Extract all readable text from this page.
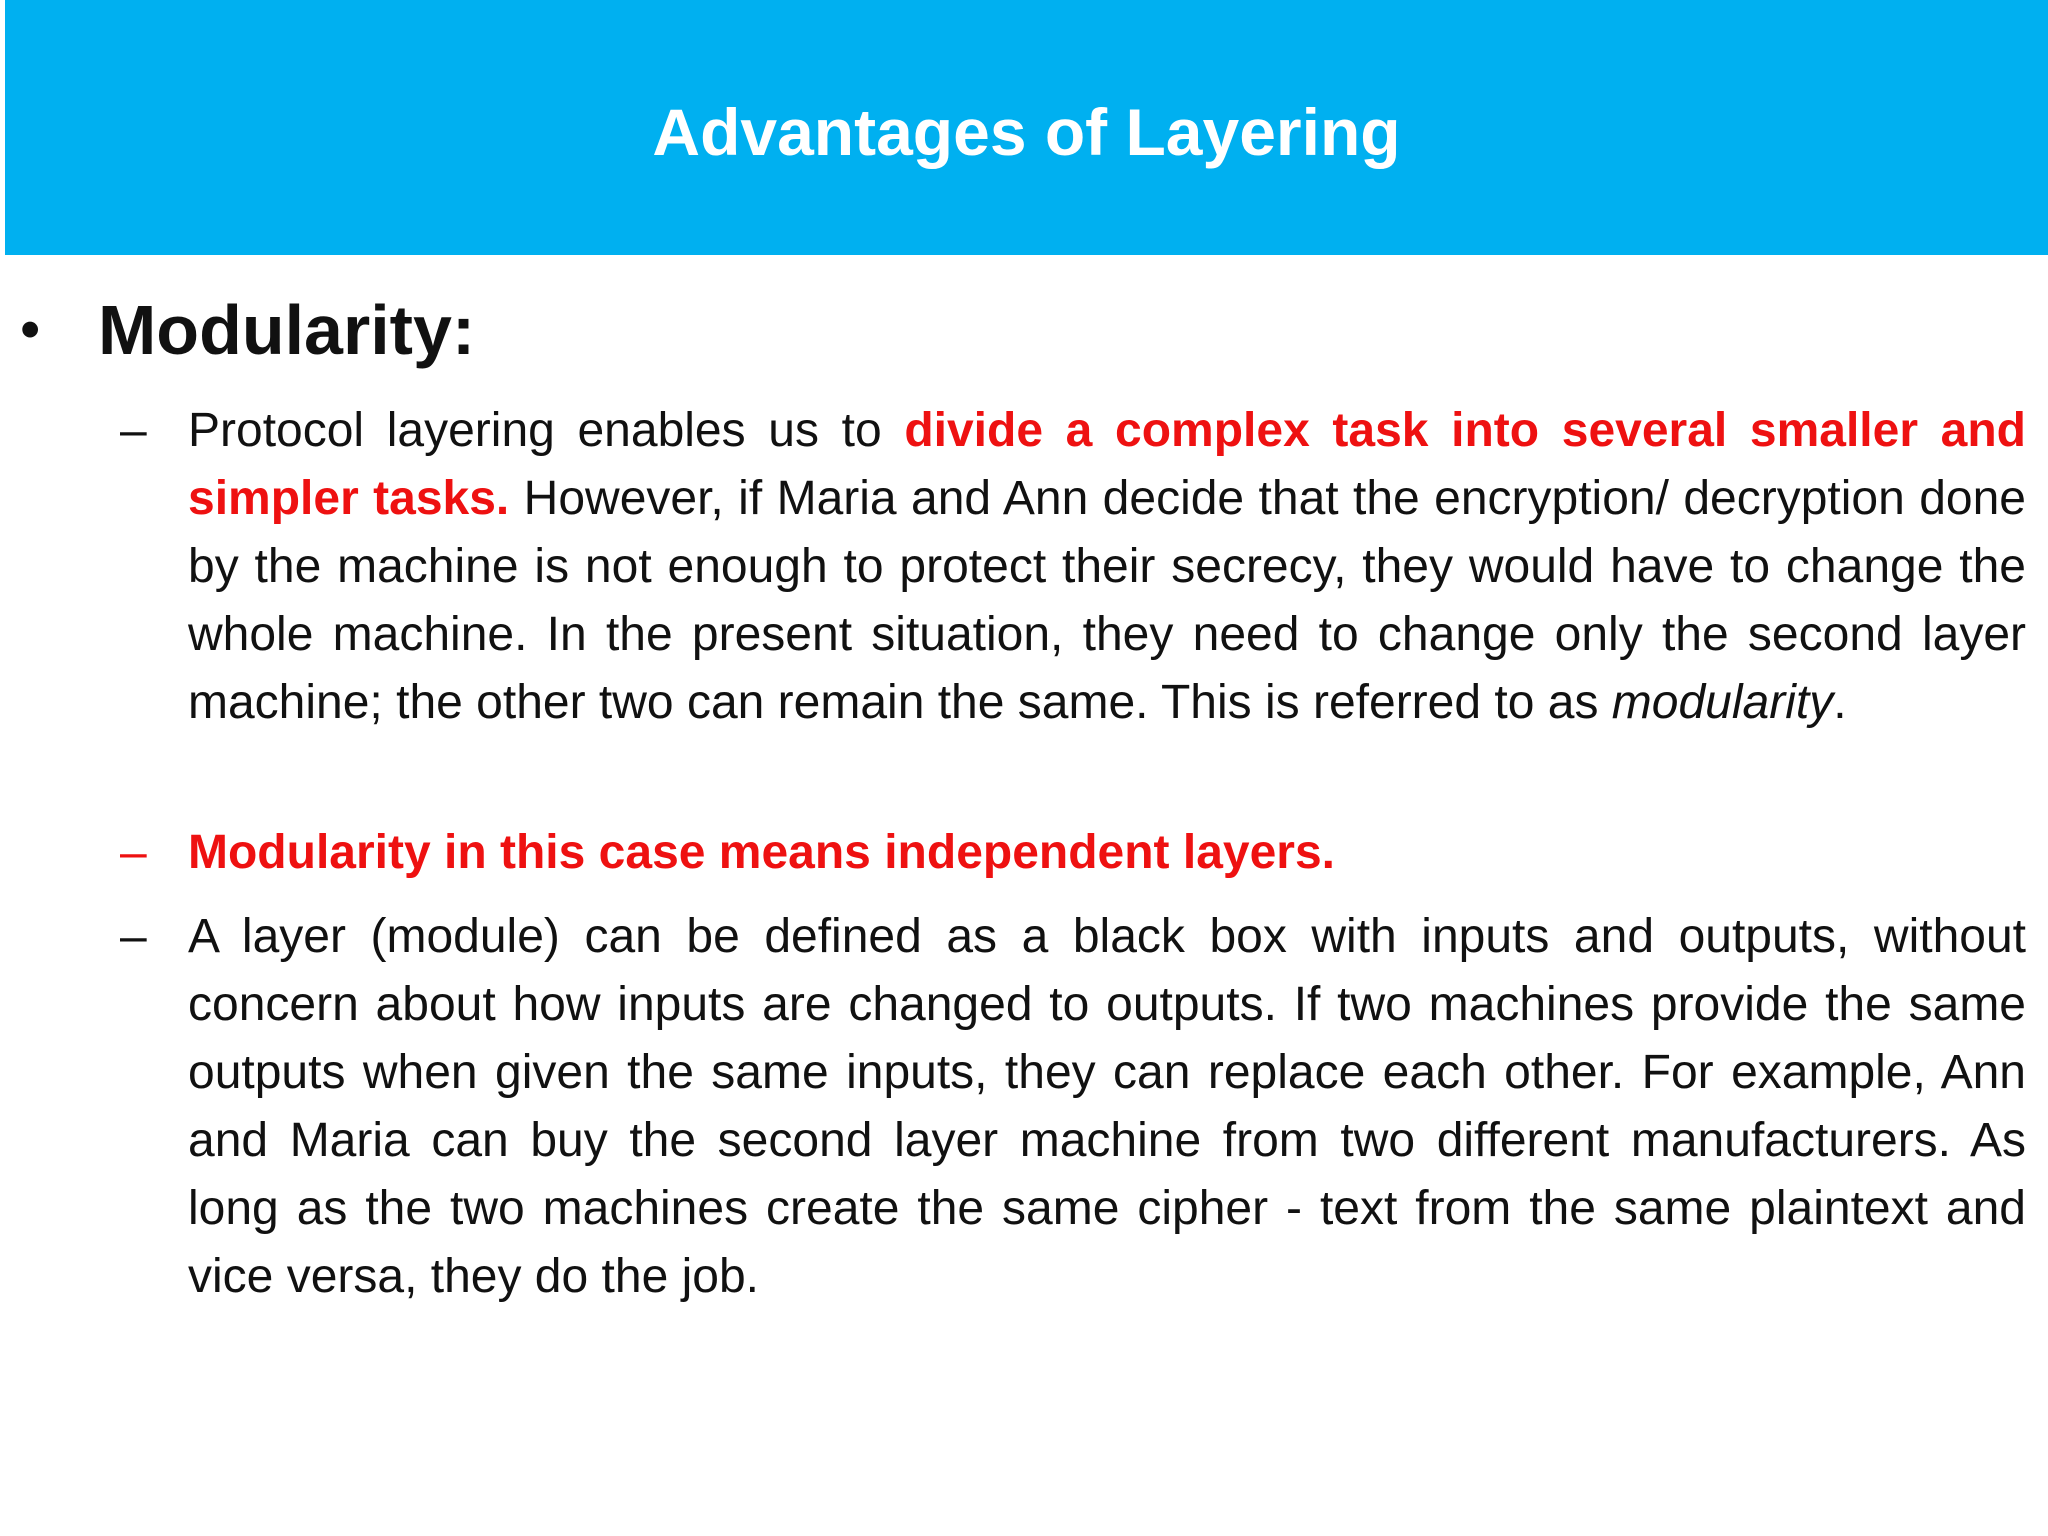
Advantages of Layering
• Modularity:
– Protocol layering enables us to divide a complex task into several smaller and simpler tasks. However, if Maria and Ann decide that the encryption/ decryption done by the machine is not enough to protect their secrecy, they would have to change the whole machine. In the present situation, they need to change only the second layer machine; the other two can remain the same. This is referred to as modularity.
– Modularity in this case means independent layers.
– A layer (module) can be defined as a black box with inputs and outputs, without concern about how inputs are changed to outputs. If two machines provide the same outputs when given the same inputs, they can replace each other. For example, Ann and Maria can buy the second layer machine from two different manufacturers. As long as the two machines create the same cipher - text from the same plaintext and vice versa, they do the job.
